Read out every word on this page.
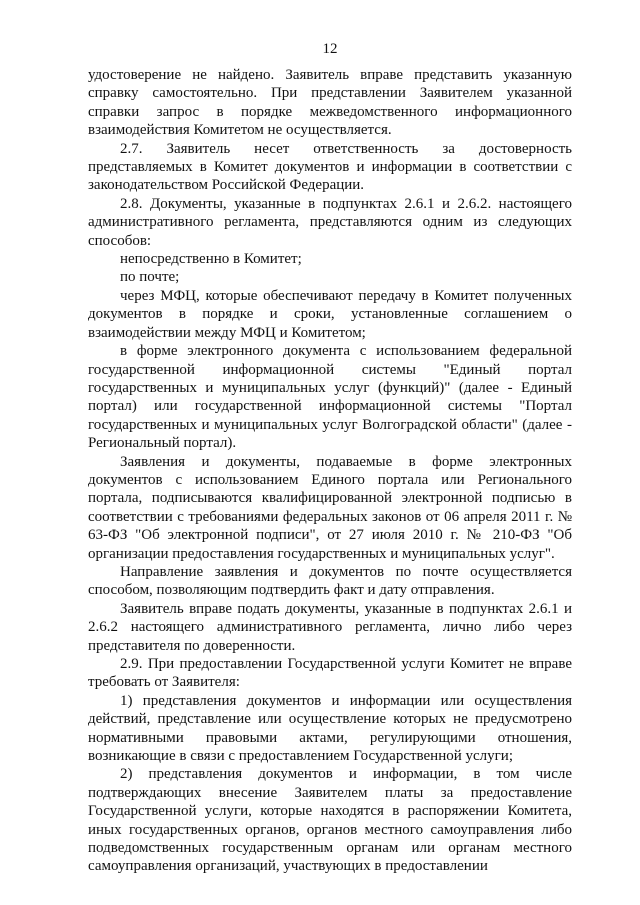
12

удостоверение не найдено. Заявитель вправе представить указанную справку самостоятельно. При представлении Заявителем указанной справки запрос в порядке межведомственного информационного взаимодействия Комитетом не осуществляется.

2.7. Заявитель несет ответственность за достоверность представляемых в Комитет документов и информации в соответствии с законодательством Российской Федерации.

2.8. Документы, указанные в подпунктах 2.6.1 и 2.6.2. настоящего административного регламента, представляются одним из следующих способов:

непосредственно в Комитет;

по почте;

через МФЦ, которые обеспечивают передачу в Комитет полученных документов в порядке и сроки, установленные соглашением о взаимодействии между МФЦ и Комитетом;

в форме электронного документа с использованием федеральной государственной информационной системы "Единый портал государственных и муниципальных услуг (функций)" (далее - Единый портал) или государственной информационной системы "Портал государственных и муниципальных услуг Волгоградской области" (далее - Региональный портал).

Заявления и документы, подаваемые в форме электронных документов с использованием Единого портала или Регионального портала, подписываются квалифицированной электронной подписью в соответствии с требованиями федеральных законов от 06 апреля 2011 г. № 63-ФЗ "Об электронной подписи", от 27 июля 2010 г. № 210-ФЗ "Об организации предоставления государственных и муниципальных услуг".

Направление заявления и документов по почте осуществляется способом, позволяющим подтвердить факт и дату отправления.

Заявитель вправе подать документы, указанные в подпунктах 2.6.1 и 2.6.2 настоящего административного регламента, лично либо через представителя по доверенности.

2.9. При предоставлении Государственной услуги Комитет не вправе требовать от Заявителя:

1) представления документов и информации или осуществления действий, представление или осуществление которых не предусмотрено нормативными правовыми актами, регулирующими отношения, возникающие в связи с предоставлением Государственной услуги;

2) представления документов и информации, в том числе подтверждающих внесение Заявителем платы за предоставление Государственной услуги, которые находятся в распоряжении Комитета, иных государственных органов, органов местного самоуправления либо подведомственных государственным органам или органам местного самоуправления организаций, участвующих в предоставлении
